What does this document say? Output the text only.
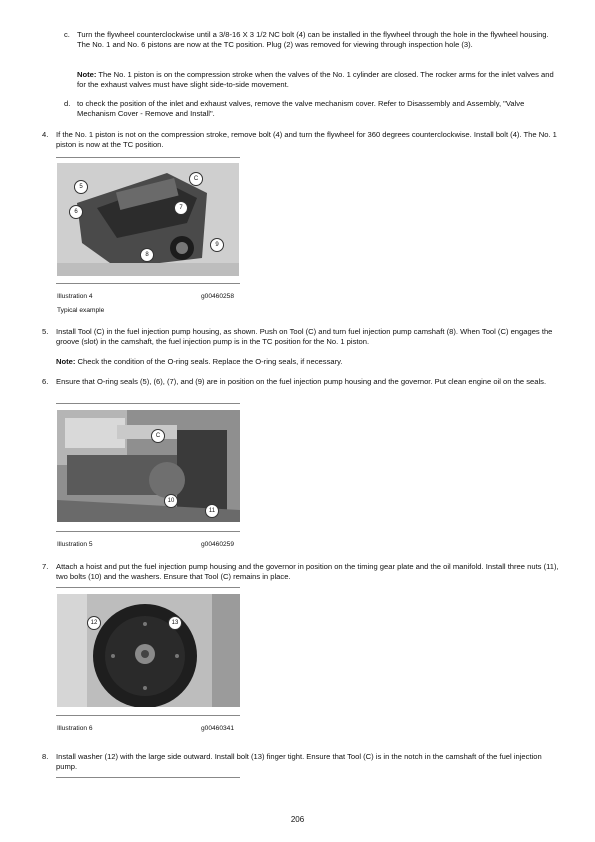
c. Turn the flywheel counterclockwise until a 3/8-16 X 3 1/2 NC bolt (4) can be installed in the flywheel through the hole in the flywheel housing. The No. 1 and No. 6 pistons are now at the TC position. Plug (2) was removed for viewing through inspection hole (3).
Note: The No. 1 piston is on the compression stroke when the valves of the No. 1 cylinder are closed. The rocker arms for the inlet valves and for the exhaust valves must have slight side-to-side movement.
d. to check the position of the inlet and exhaust valves, remove the valve mechanism cover. Refer to Disassembly and Assembly, "Valve Mechanism Cover - Remove and Install".
4. If the No. 1 piston is not on the compression stroke, remove bolt (4) and turn the flywheel for 360 degrees counterclockwise. Install bolt (4). The No. 1 piston is now at the TC position.
5
6
C
7
9
8
Illustration 4	g00460258
Typical example
5. Install Tool (C) in the fuel injection pump housing, as shown. Push on Tool (C) and turn fuel injection pump camshaft (8). When Tool (C) engages the groove (slot) in the camshaft, the fuel injection pump is in the TC position for the No. 1 piston.
Note: Check the condition of the O-ring seals. Replace the O-ring seals, if necessary.
6. Ensure that O-ring seals (5), (6), (7), and (9) are in position on the fuel injection pump housing and the governor. Put clean engine oil on the seals.
C
10
11
Illustration 5	g00460259
7. Attach a hoist and put the fuel injection pump housing and the governor in position on the timing gear plate and the oil manifold. Install three nuts (11), two bolts (10) and the washers. Ensure that Tool (C) remains in place.
12	13
Illustration 6	g00460341
8. Install washer (12) with the large side outward. Install bolt (13) finger tight. Ensure that Tool (C) is in the notch in the camshaft of the fuel injection pump.
206
